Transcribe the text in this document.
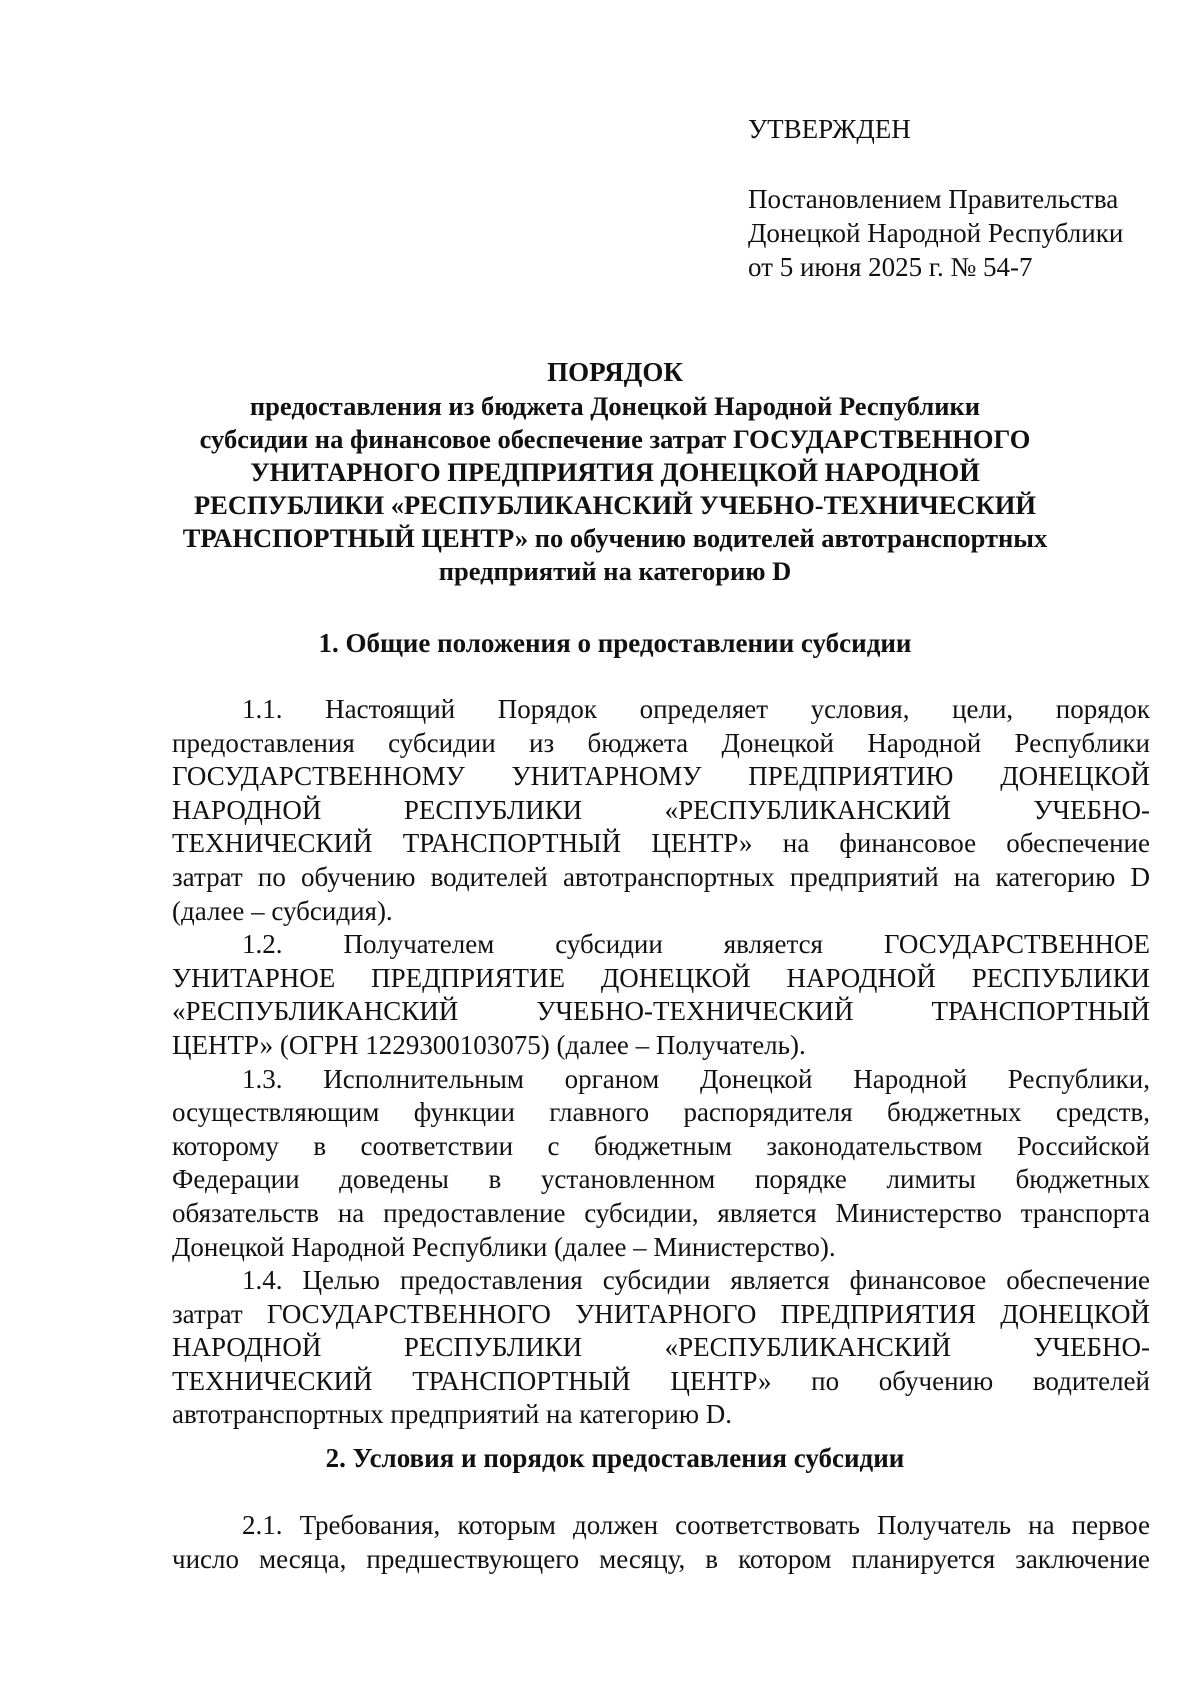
УТВЕРЖДЕН
Постановлением Правительства
Донецкой Народной Республики
от 5 июня 2025 г. № 54-7
ПОРЯДОК
предоставления из бюджета Донецкой Народной Республики
субсидии на финансовое обеспечение затрат ГОСУДАРСТВЕННОГО
УНИТАРНОГО ПРЕДПРИЯТИЯ ДОНЕЦКОЙ НАРОДНОЙ
РЕСПУБЛИКИ «РЕСПУБЛИКАНСКИЙ УЧЕБНО-ТЕХНИЧЕСКИЙ
ТРАНСПОРТНЫЙ ЦЕНТР» по обучению водителей автотранспортных
предприятий на категорию D
1. Общие положения о предоставлении субсидии
1.1. Настоящий Порядок определяет условия, цели, порядок
предоставления субсидии из бюджета Донецкой Народной Республики
ГОСУДАРСТВЕННОМУ УНИТАРНОМУ ПРЕДПРИЯТИЮ ДОНЕЦКОЙ
НАРОДНОЙ РЕСПУБЛИКИ «РЕСПУБЛИКАНСКИЙ УЧЕБНО-
ТЕХНИЧЕСКИЙ ТРАНСПОРТНЫЙ ЦЕНТР» на финансовое обеспечение
затрат по обучению водителей автотранспортных предприятий на категорию D
(далее – субсидия).
1.2. Получателем субсидии является ГОСУДАРСТВЕННОЕ
УНИТАРНОЕ ПРЕДПРИЯТИЕ ДОНЕЦКОЙ НАРОДНОЙ РЕСПУБЛИКИ
«РЕСПУБЛИКАНСКИЙ УЧЕБНО-ТЕХНИЧЕСКИЙ ТРАНСПОРТНЫЙ
ЦЕНТР» (ОГРН 1229300103075) (далее – Получатель).
1.3. Исполнительным органом Донецкой Народной Республики,
осуществляющим функции главного распорядителя бюджетных средств,
которому в соответствии с бюджетным законодательством Российской
Федерации доведены в установленном порядке лимиты бюджетных
обязательств на предоставление субсидии, является Министерство транспорта
Донецкой Народной Республики (далее – Министерство).
1.4. Целью предоставления субсидии является финансовое обеспечение
затрат ГОСУДАРСТВЕННОГО УНИТАРНОГО ПРЕДПРИЯТИЯ ДОНЕЦКОЙ
НАРОДНОЙ РЕСПУБЛИКИ «РЕСПУБЛИКАНСКИЙ УЧЕБНО-
ТЕХНИЧЕСКИЙ ТРАНСПОРТНЫЙ ЦЕНТР» по обучению водителей
автотранспортных предприятий на категорию D.
2. Условия и порядок предоставления субсидии
2.1. Требования, которым должен соответствовать Получатель на первое
число месяца, предшествующего месяцу, в котором планируется заключение
